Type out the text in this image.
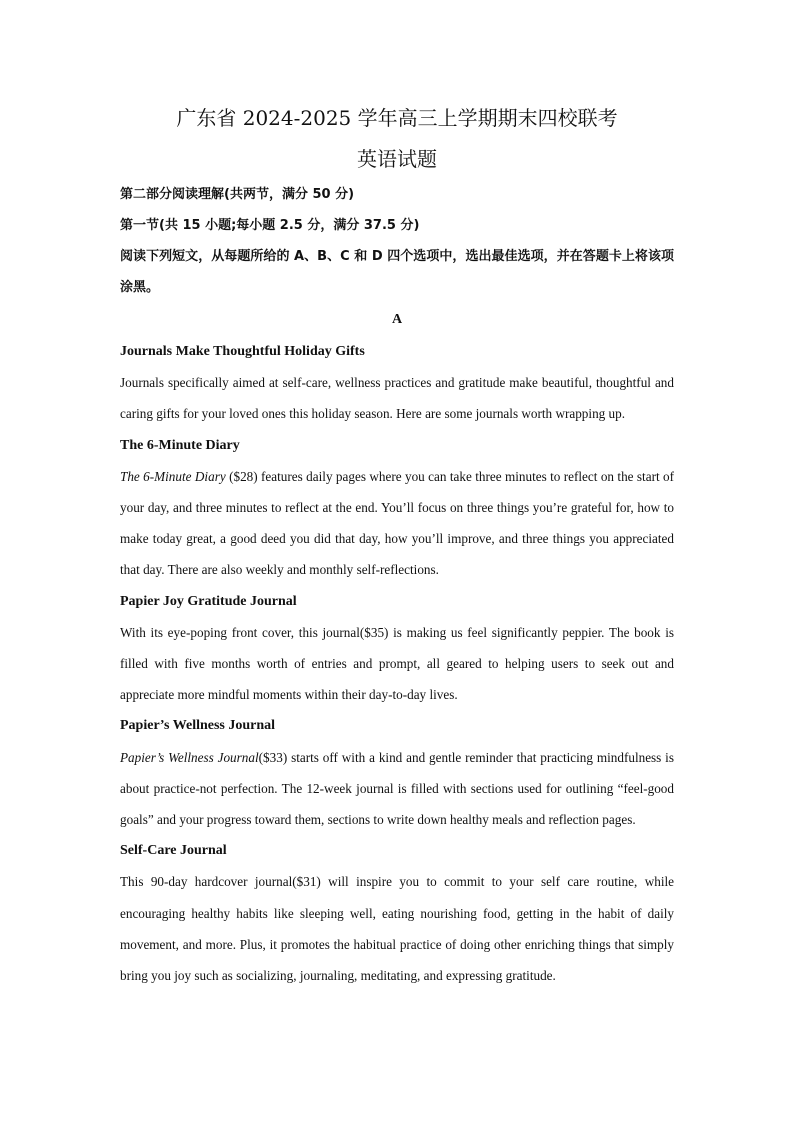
广东省 2024-2025 学年高三上学期期末四校联考
英语试题

第二部分阅读理解(共两节，满分 50 分)

第一节(共 15 小题;每小题 2.5 分，满分 37.5 分)

阅读下列短文，从每题所给的 A、B、C 和 D 四个选项中，选出最佳选项，并在答题卡上将该项涂黑。

A

Journals Make Thoughtful Holiday Gifts

Journals specifically aimed at self-care, wellness practices and gratitude make beautiful, thoughtful and caring gifts for your loved ones this holiday season. Here are some journals worth wrapping up.

The 6-Minute Diary

The 6-Minute Diary ($28) features daily pages where you can take three minutes to reflect on the start of your day, and three minutes to reflect at the end. You’ll focus on three things you’re grateful for, how to make today great, a good deed you did that day, how you’ll improve, and three things you appreciated that day. There are also weekly and monthly self-reflections.

Papier Joy Gratitude Journal

With its eye-poping front cover, this journal($35) is making us feel significantly peppier. The book is filled with five months worth of entries and prompt, all geared to helping users to seek out and appreciate more mindful moments within their day-to-day lives.

Papier’s Wellness Journal

Papier’s Wellness Journal($33) starts off with a kind and gentle reminder that practicing mindfulness is about practice-not perfection. The 12-week journal is filled with sections used for outlining “feel-good goals” and your progress toward them, sections to write down healthy meals and reflection pages.

Self-Care Journal

This 90-day hardcover journal($31) will inspire you to commit to your self care routine, while encouraging healthy habits like sleeping well, eating nourishing food, getting in the habit of daily movement, and more. Plus, it promotes the habitual practice of doing other enriching things that simply bring you joy such as socializing, journaling, meditating, and expressing gratitude.
